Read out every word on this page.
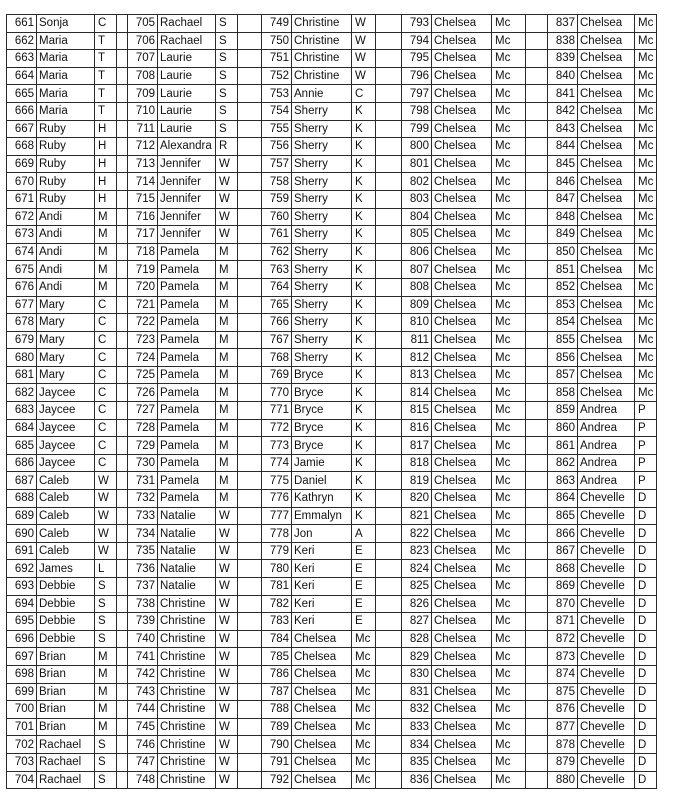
661	Sonja	C		705	Rachael	S		749	Christine	W		793	Chelsea	Mc		837	Chelsea	Mc
662	Maria	T		706	Rachael	S		750	Christine	W		794	Chelsea	Mc		838	Chelsea	Mc
663	Maria	T		707	Laurie	S		751	Christine	W		795	Chelsea	Mc		839	Chelsea	Mc
664	Maria	T		708	Laurie	S		752	Christine	W		796	Chelsea	Mc		840	Chelsea	Mc
665	Maria	T		709	Laurie	S		753	Annie	C		797	Chelsea	Mc		841	Chelsea	Mc
666	Maria	T		710	Laurie	S		754	Sherry	K		798	Chelsea	Mc		842	Chelsea	Mc
667	Ruby	H		711	Laurie	S		755	Sherry	K		799	Chelsea	Mc		843	Chelsea	Mc
668	Ruby	H		712	Alexandra	R		756	Sherry	K		800	Chelsea	Mc		844	Chelsea	Mc
669	Ruby	H		713	Jennifer	W		757	Sherry	K		801	Chelsea	Mc		845	Chelsea	Mc
670	Ruby	H		714	Jennifer	W		758	Sherry	K		802	Chelsea	Mc		846	Chelsea	Mc
671	Ruby	H		715	Jennifer	W		759	Sherry	K		803	Chelsea	Mc		847	Chelsea	Mc
672	Andi	M		716	Jennifer	W		760	Sherry	K		804	Chelsea	Mc		848	Chelsea	Mc
673	Andi	M		717	Jennifer	W		761	Sherry	K		805	Chelsea	Mc		849	Chelsea	Mc
674	Andi	M		718	Pamela	M		762	Sherry	K		806	Chelsea	Mc		850	Chelsea	Mc
675	Andi	M		719	Pamela	M		763	Sherry	K		807	Chelsea	Mc		851	Chelsea	Mc
676	Andi	M		720	Pamela	M		764	Sherry	K		808	Chelsea	Mc		852	Chelsea	Mc
677	Mary	C		721	Pamela	M		765	Sherry	K		809	Chelsea	Mc		853	Chelsea	Mc
678	Mary	C		722	Pamela	M		766	Sherry	K		810	Chelsea	Mc		854	Chelsea	Mc
679	Mary	C		723	Pamela	M		767	Sherry	K		811	Chelsea	Mc		855	Chelsea	Mc
680	Mary	C		724	Pamela	M		768	Sherry	K		812	Chelsea	Mc		856	Chelsea	Mc
681	Mary	C		725	Pamela	M		769	Bryce	K		813	Chelsea	Mc		857	Chelsea	Mc
682	Jaycee	C		726	Pamela	M		770	Bryce	K		814	Chelsea	Mc		858	Chelsea	Mc
683	Jaycee	C		727	Pamela	M		771	Bryce	K		815	Chelsea	Mc		859	Andrea	P
684	Jaycee	C		728	Pamela	M		772	Bryce	K		816	Chelsea	Mc		860	Andrea	P
685	Jaycee	C		729	Pamela	M		773	Bryce	K		817	Chelsea	Mc		861	Andrea	P
686	Jaycee	C		730	Pamela	M		774	Jamie	K		818	Chelsea	Mc		862	Andrea	P
687	Caleb	W		731	Pamela	M		775	Daniel	K		819	Chelsea	Mc		863	Andrea	P
688	Caleb	W		732	Pamela	M		776	Kathryn	K		820	Chelsea	Mc		864	Chevelle	D
689	Caleb	W		733	Natalie	W		777	Emmalyn	K		821	Chelsea	Mc		865	Chevelle	D
690	Caleb	W		734	Natalie	W		778	Jon	A		822	Chelsea	Mc		866	Chevelle	D
691	Caleb	W		735	Natalie	W		779	Keri	E		823	Chelsea	Mc		867	Chevelle	D
692	James	L		736	Natalie	W		780	Keri	E		824	Chelsea	Mc		868	Chevelle	D
693	Debbie	S		737	Natalie	W		781	Keri	E		825	Chelsea	Mc		869	Chevelle	D
694	Debbie	S		738	Christine	W		782	Keri	E		826	Chelsea	Mc		870	Chevelle	D
695	Debbie	S		739	Christine	W		783	Keri	E		827	Chelsea	Mc		871	Chevelle	D
696	Debbie	S		740	Christine	W		784	Chelsea	Mc		828	Chelsea	Mc		872	Chevelle	D
697	Brian	M		741	Christine	W		785	Chelsea	Mc		829	Chelsea	Mc		873	Chevelle	D
698	Brian	M		742	Christine	W		786	Chelsea	Mc		830	Chelsea	Mc		874	Chevelle	D
699	Brian	M		743	Christine	W		787	Chelsea	Mc		831	Chelsea	Mc		875	Chevelle	D
700	Brian	M		744	Christine	W		788	Chelsea	Mc		832	Chelsea	Mc		876	Chevelle	D
701	Brian	M		745	Christine	W		789	Chelsea	Mc		833	Chelsea	Mc		877	Chevelle	D
702	Rachael	S		746	Christine	W		790	Chelsea	Mc		834	Chelsea	Mc		878	Chevelle	D
703	Rachael	S		747	Christine	W		791	Chelsea	Mc		835	Chelsea	Mc		879	Chevelle	D
704	Rachael	S		748	Christine	W		792	Chelsea	Mc		836	Chelsea	Mc		880	Chevelle	D
